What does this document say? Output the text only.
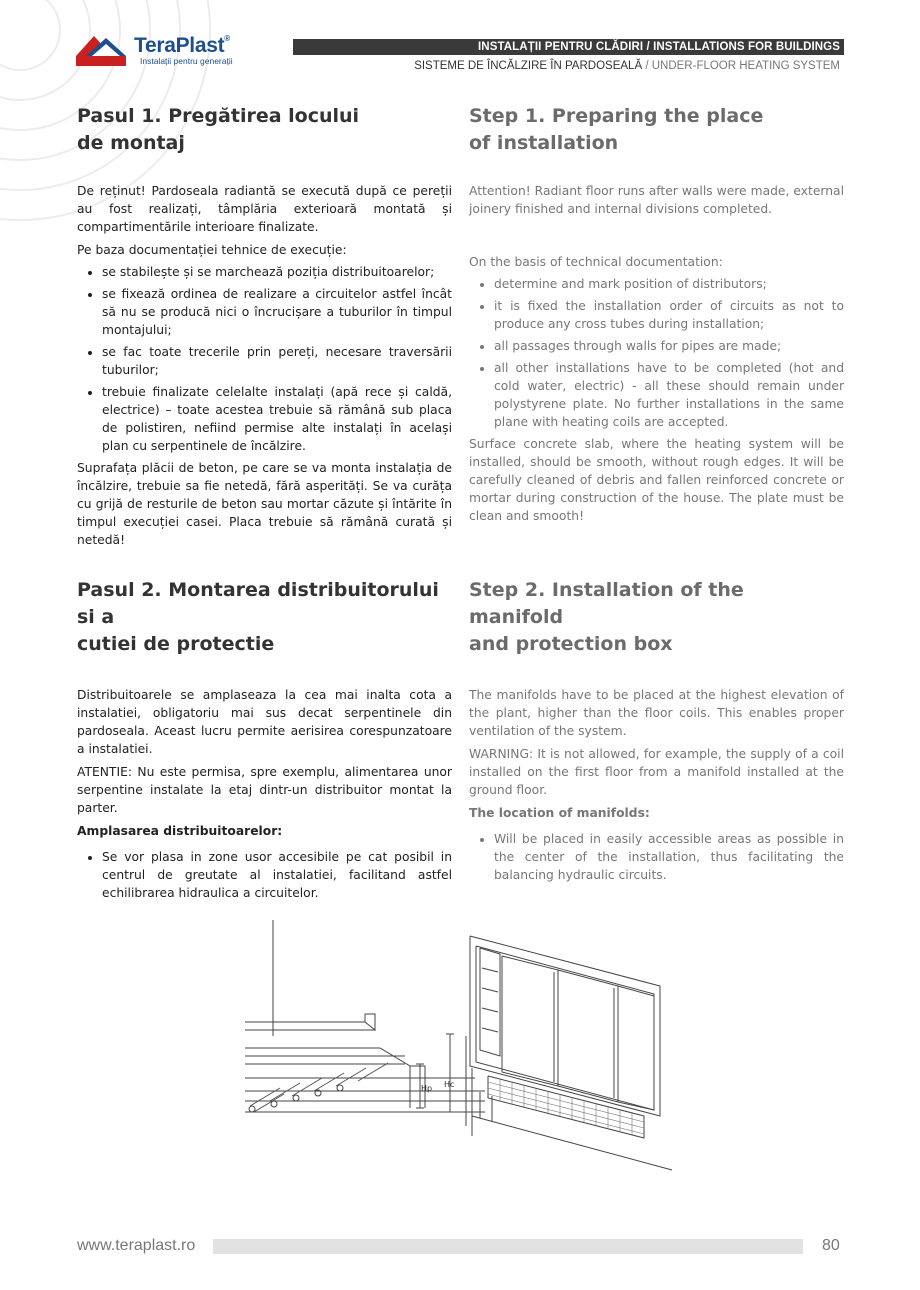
since 1896
TeraPlast®
Instalații pentru generații
INSTALAȚII PENTRU CLĂDIRI / INSTALLATIONS FOR BUILDINGS
SISTEME DE ÎNCĂLZIRE ÎN PARDOSEALĂ / UNDER-FLOOR HEATING SYSTEM
Pasul 1. Pregătirea locului
de montaj

De reținut! Pardoseala radiantă se execută după ce pereții au fost realizați, tâmplăria exterioară montată și compartimentările interioare finalizate.

Pe baza documentației tehnice de execuție:

• se stabilește și se marchează poziția distribuitoarelor;
• se fixează ordinea de realizare a circuitelor astfel încât să nu se producă nici o încrucișare a tuburilor în timpul montajului;
• se fac toate trecerile prin pereți, necesare traversării tuburilor;
• trebuie finalizate celelalte instalați (apă rece și caldă, electrice) – toate acestea trebuie să rămână sub placa de polistiren, nefiind permise alte instalați în același plan cu serpentinele de încălzire.

Suprafața plăcii de beton, pe care se va monta instalația de încălzire, trebuie sa fie netedă, fără asperități. Se va curăța cu grijă de resturile de beton sau mortar căzute și întărite în timpul execuției casei. Placa trebuie să rămână curată și netedă!

Step 1. Preparing the place
of installation

Attention! Radiant floor runs after walls were made, external joinery finished and internal divisions completed.

On the basis of technical documentation:

• determine and mark position of distributors;
• it is fixed the installation order of circuits as not to produce any cross tubes during installation;
• all passages through walls for pipes are made;
• all other installations have to be completed (hot and cold water, electric) - all these should remain under polystyrene plate. No further installations in the same plane with heating coils are accepted.

Surface concrete slab, where the heating system will be installed, should be smooth, without rough edges. It will be carefully cleaned of debris and fallen reinforced concrete or mortar during construction of the house. The plate must be clean and smooth!

Pasul 2. Montarea distribuitorului si a
cutiei de protectie

Distribuitoarele se amplaseaza la cea mai inalta cota a instalatiei, obligatoriu mai sus decat serpentinele din pardoseala. Aceast lucru permite aerisirea corespunzatoare a instalatiei.

ATENTIE: Nu este permisa, spre exemplu, alimentarea unor serpentine instalate la etaj dintr-un distribuitor montat la parter.

Amplasarea distribuitoarelor:

• Se vor plasa in zone usor accesibile pe cat posibil in centrul de greutate al instalatiei, facilitand astfel echilibrarea hidraulica a circuitelor.
Step 2. Installation of the manifold
and protection box

The manifolds have to be placed at the highest elevation of the plant, higher than the floor coils. This enables proper ventilation of the system.

WARNING: It is not allowed, for example, the supply of a coil installed on the first floor from a manifold installed at the ground floor.

The location of manifolds:

• Will be placed in easily accessible areas as possible in the center of the installation, thus facilitating the balancing hydraulic circuits.
Hp Hc
www.teraplast.ro	80
